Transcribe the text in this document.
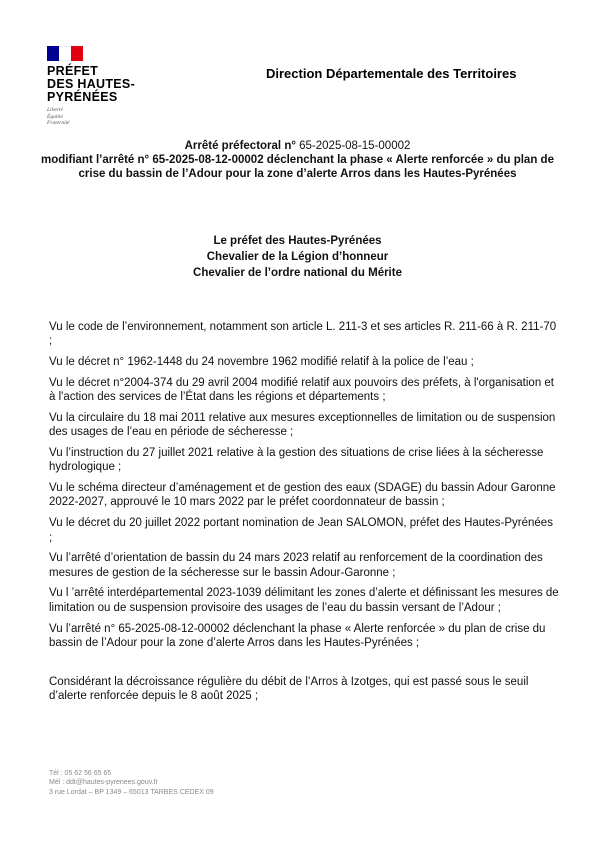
PRÉFET
DES HAUTES-
PYRÉNÉES
Liberté
Égalité
Fraternité
Direction Départementale des Territoires
Arrêté préfectoral n° 65-2025-08-15-00002
modifiant l’arrêté n° 65-2025-08-12-00002 déclenchant la phase « Alerte renforcée » du plan de crise du bassin de l’Adour pour la zone d’alerte Arros dans les Hautes-Pyrénées
Le préfet des Hautes-Pyrénées
Chevalier de la Légion d’honneur
Chevalier de l’ordre national du Mérite

Vu le code de l’environnement, notamment son article L. 211-3 et ses articles R. 211-66 à R. 211-70 ;

Vu le décret n° 1962-1448 du 24 novembre 1962 modifié relatif à la police de l’eau ;

Vu le décret n°2004-374 du 29 avril 2004 modifié relatif aux pouvoirs des préfets, à l'organisation et à l'action des services de l’État dans les régions et départements ;

Vu la circulaire du 18 mai 2011 relative aux mesures exceptionnelles de limitation ou de suspension des usages de l’eau en période de sécheresse ;

Vu l’instruction du 27 juillet 2021 relative à la gestion des situations de crise liées à la sécheresse hydrologique ;

Vu le schéma directeur d’aménagement et de gestion des eaux (SDAGE) du bassin Adour Garonne 2022-2027, approuvé le 10 mars 2022 par le préfet coordonnateur de bassin ;

Vu le décret du 20 juillet 2022 portant nomination de Jean SALOMON, préfet des Hautes-Pyrénées ;

Vu l’arrêté d’orientation de bassin du 24 mars 2023 relatif au renforcement de la coordination des mesures de gestion de la sécheresse sur le bassin Adour-Garonne ;

Vu l ’arrêté interdépartemental 2023-1039 délimitant les zones d’alerte et définissant les mesures de limitation ou de suspension provisoire des usages de l’eau du bassin versant de l’Adour ;

Vu l’arrêté n° 65-2025-08-12-00002 déclenchant la phase « Alerte renforcée » du plan de crise du bassin de l’Adour pour la zone d’alerte Arros dans les Hautes-Pyrénées ;

Considérant la décroissance régulière du débit de l’Arros à Izotges, qui est passé sous le seuil d’alerte renforcée depuis le 8 août 2025 ;

Tél : 05 62 56 65 65
Mél : ddt@hautes-pyrenees.gouv.fr
3 rue Lordat – BP 1349 – 65013 TARBES CEDEX 09
